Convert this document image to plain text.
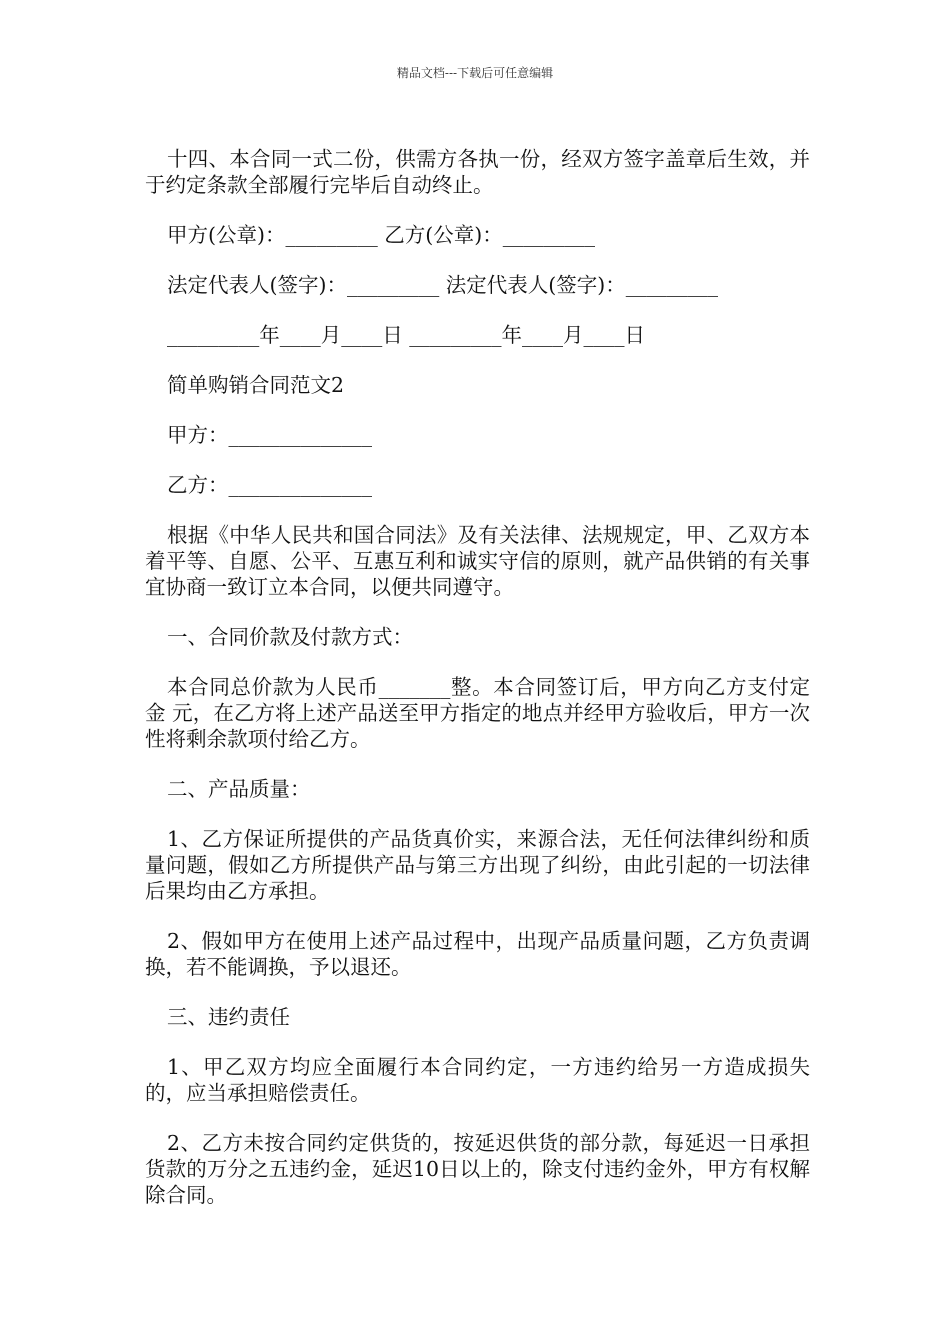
精品文档---下载后可任意编辑

十四、本合同一式二份，供需方各执一份，经双方签字盖章后生效，并于约定条款全部履行完毕后自动终止。

甲方(公章)：_________ 乙方(公章)：_________

法定代表人(签字)：_________ 法定代表人(签字)：_________

_________年____月____日 _________年____月____日

简单购销合同范文2

甲方：______________

乙方：______________

根据《中华人民共和国合同法》及有关法律、法规规定，甲、乙双方本着平等、自愿、公平、互惠互利和诚实守信的原则，就产品供销的有关事宜协商一致订立本合同，以便共同遵守。

一、合同价款及付款方式：

本合同总价款为人民币_______整。本合同签订后，甲方向乙方支付定金 元，在乙方将上述产品送至甲方指定的地点并经甲方验收后，甲方一次性将剩余款项付给乙方。

二、产品质量：

1、乙方保证所提供的产品货真价实，来源合法，无任何法律纠纷和质量问题，假如乙方所提供产品与第三方出现了纠纷，由此引起的一切法律后果均由乙方承担。

2、假如甲方在使用上述产品过程中，出现产品质量问题，乙方负责调换，若不能调换，予以退还。

三、违约责任

1、甲乙双方均应全面履行本合同约定，一方违约给另一方造成损失的，应当承担赔偿责任。

2、乙方未按合同约定供货的，按延迟供货的部分款，每延迟一日承担货款的万分之五违约金，延迟10日以上的，除支付违约金外，甲方有权解除合同。
